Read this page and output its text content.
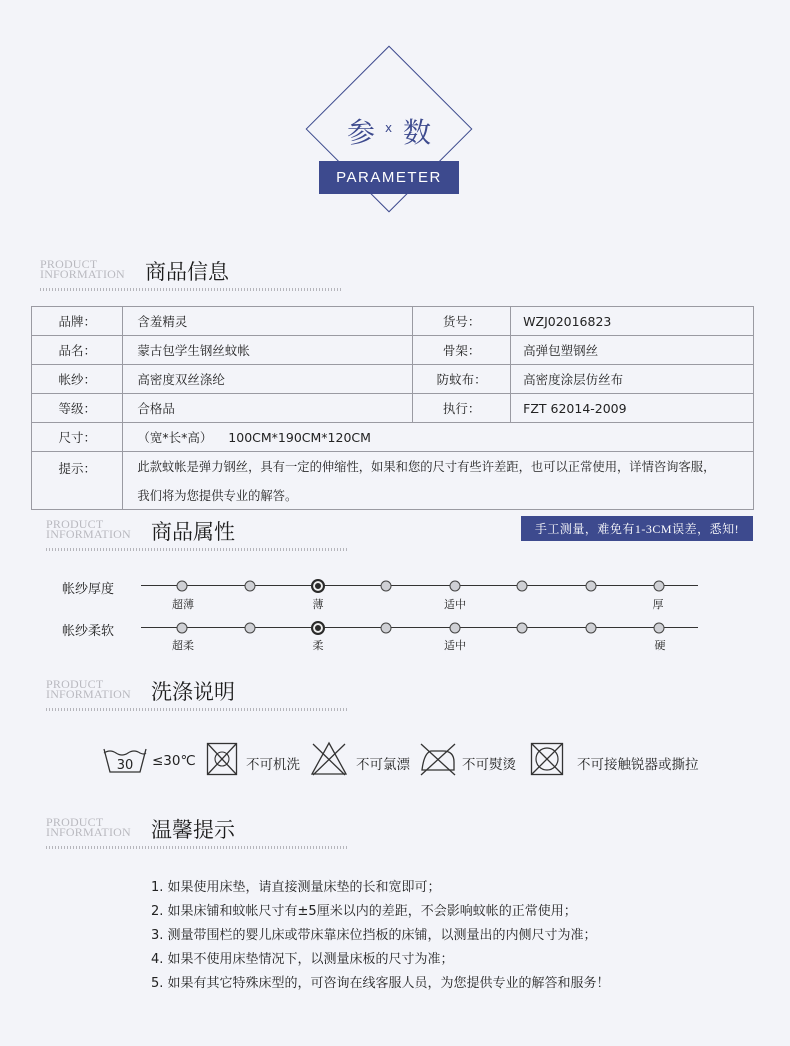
参 x 数
PARAMETER
PRODUCT
INFORMATION 商品信息
品牌：	含羞精灵	货号：	WZJ02016823
品名：	蒙古包学生钢丝蚊帐	骨架：	高弹包塑钢丝
帐纱：	高密度双丝涤纶	防蚊布：	高密度涂层仿丝布
等级：	合格品	执行：	FZT 62014-2009
尺寸：	（宽*长*高）    100CM*190CM*120CM		
提示：	此款蚊帐是弹力钢丝，具有一定的伸缩性，如果和您的尺寸有些许差距，也可以正常使用，详情咨询客服，		
	我们将为您提供专业的解答。		
PRODUCT
INFORMATION 商品属性	手工测量，难免有1-3CM误差，悉知!
帐纱厚度
超薄	薄	适中	厚
帐纱柔软
超柔	柔	适中	硬
PRODUCT
INFORMATION 洗涤说明
30 ≤30℃	不可机洗	不可氯漂	不可熨烫	不可接触锐器或撕拉
PRODUCT
INFORMATION 温馨提示
1. 如果使用床垫，请直接测量床垫的长和宽即可；
2. 如果床铺和蚊帐尺寸有±5厘米以内的差距，不会影响蚊帐的正常使用；
3. 测量带围栏的婴儿床或带床靠床位挡板的床铺，以测量出的内侧尺寸为准；
4. 如果不使用床垫情况下，以测量床板的尺寸为准；
5. 如果有其它特殊床型的，可咨询在线客服人员，为您提供专业的解答和服务！
